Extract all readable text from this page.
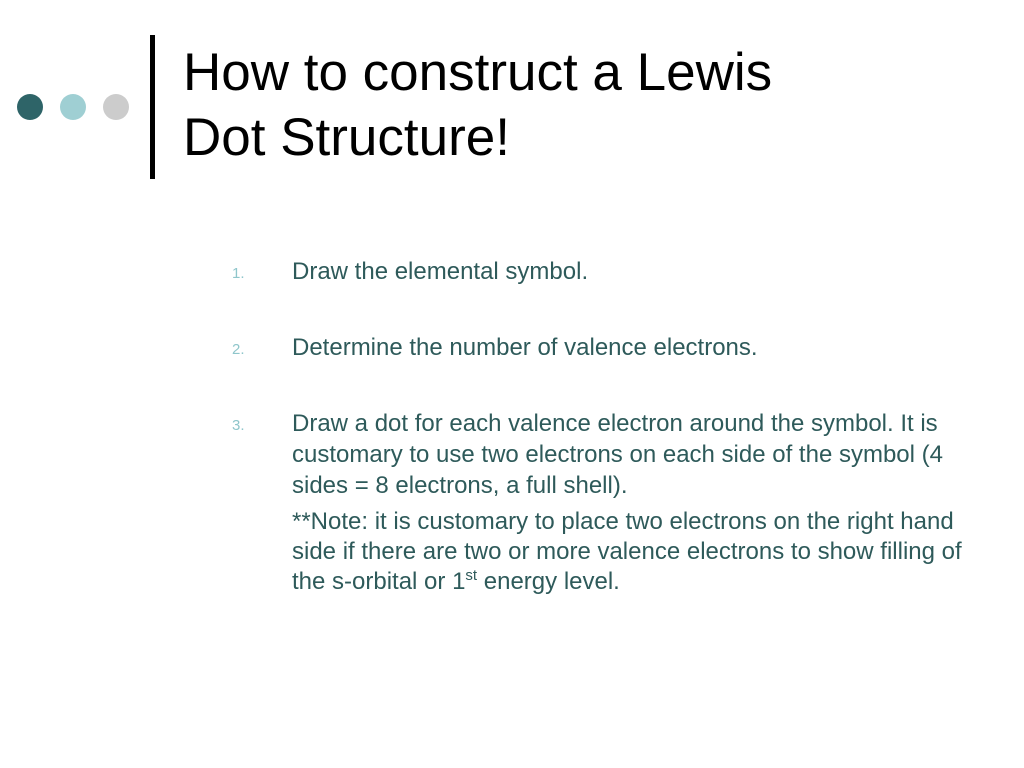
How to construct a Lewis
Dot Structure!
1. Draw the elemental symbol.
2. Determine the number of valence electrons.
3. Draw a dot for each valence electron around the symbol. It is customary to use two electrons on each side of the symbol (4 sides = 8 electrons, a full shell).
**Note: it is customary to place two electrons on the right hand side if there are two or more valence electrons to show filling of the s-orbital or 1st energy level.
